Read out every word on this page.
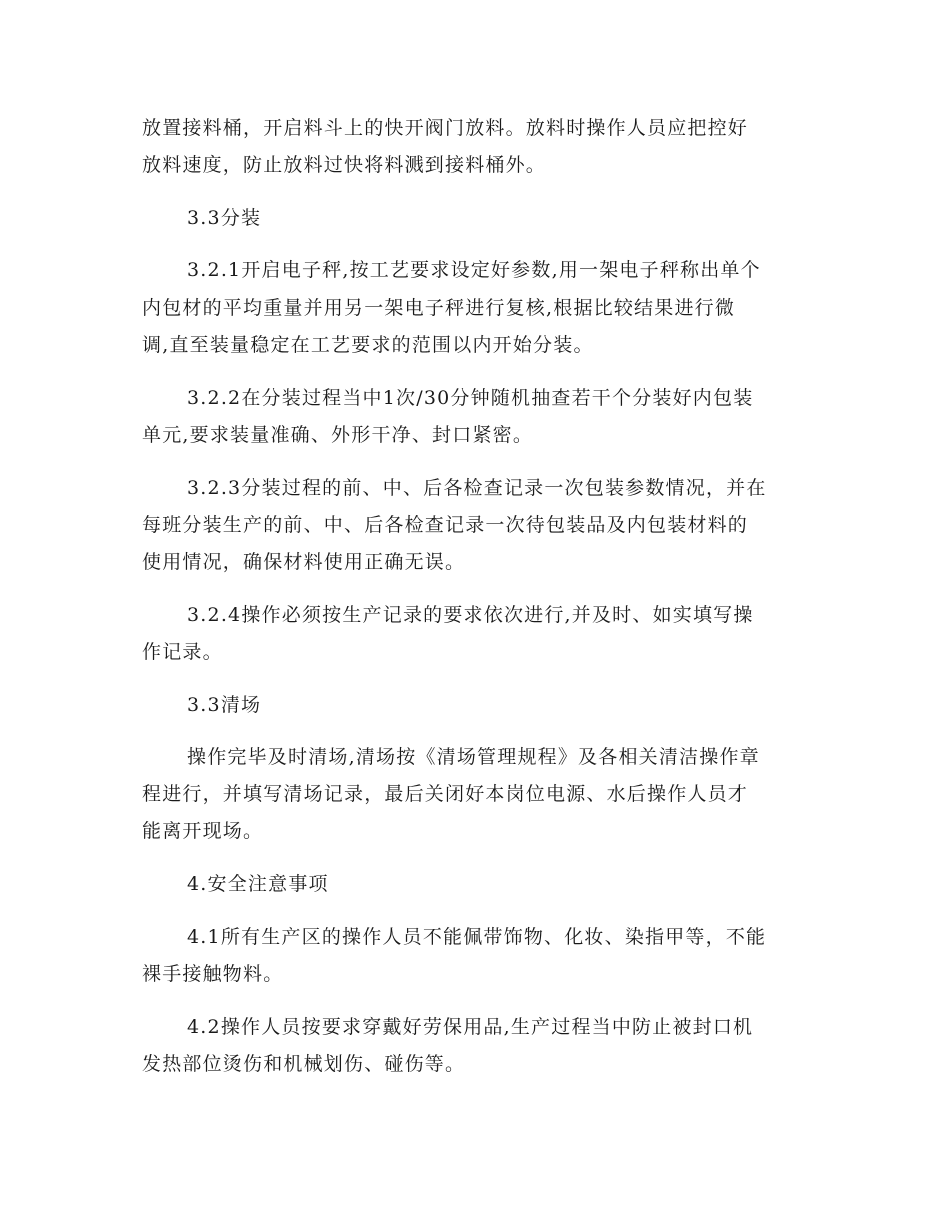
放置接料桶，开启料斗上的快开阀门放料。放料时操作人员应把控好
放料速度，防止放料过快将料溅到接料桶外。
3.3分装
3.2.1开启电子秤,按工艺要求设定好参数,用一架电子秤称出单个
内包材的平均重量并用另一架电子秤进行复核,根据比较结果进行微
调,直至装量稳定在工艺要求的范围以内开始分装。
3.2.2在分装过程当中1次/30分钟随机抽查若干个分装好内包装
单元,要求装量准确、外形干净、封口紧密。
3.2.3分装过程的前、中、后各检查记录一次包装参数情况，并在
每班分装生产的前、中、后各检查记录一次待包装品及内包装材料的
使用情况，确保材料使用正确无误。
3.2.4操作必须按生产记录的要求依次进行,并及时、如实填写操
作记录。
3.3清场
操作完毕及时清场,清场按《清场管理规程》及各相关清洁操作章
程进行，并填写清场记录，最后关闭好本岗位电源、水后操作人员才
能离开现场。
4.安全注意事项
4.1所有生产区的操作人员不能佩带饰物、化妆、染指甲等，不能
裸手接触物料。
4.2操作人员按要求穿戴好劳保用品,生产过程当中防止被封口机
发热部位烫伤和机械划伤、碰伤等。
